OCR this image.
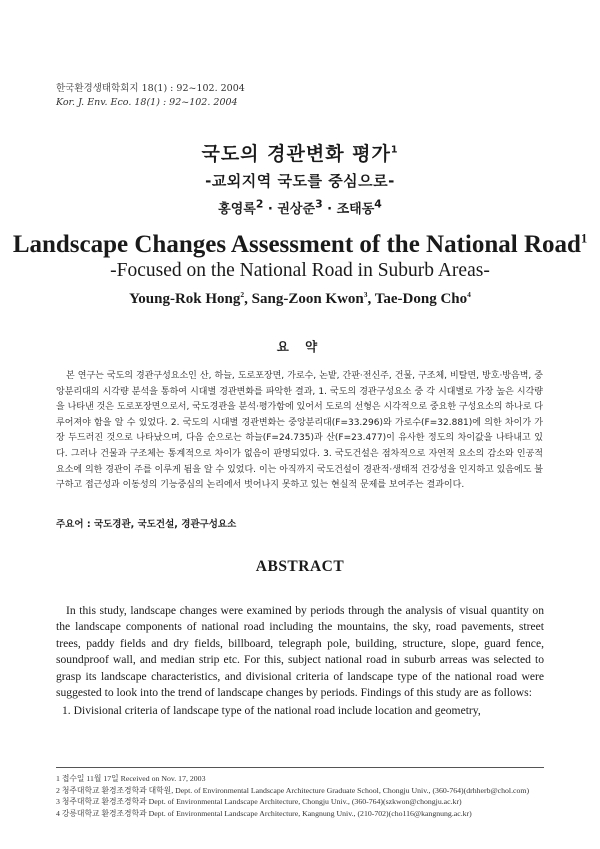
한국환경생태학회지 18(1) : 92~102. 2004
Kor. J. Env. Eco. 18(1) : 92~102. 2004
국도의 경관변화 평가$^1$
-교외지역 국도를 중심으로-
홍영록$^2$ · 권상준$^3$ · 조태동$^4$
Landscape Changes Assessment of the National Road$^1$
-Focused on the National Road in Suburb Areas-
Young-Rok Hong$^2$, Sang-Zoon Kwon$^3$, Tae-Dong Cho$^4$
요 약

본 연구는 국도의 경관구성요소인 산, 하늘, 도로포장면, 가로수, 논밭, 간판·전신주, 건물, 구조체, 비탈면, 방호·방음벽, 중앙분리대의 시각량 분석을 통하여 시대별 경관변화를 파악한 결과, 1. 국도의 경관구성요소 중 각 시대별로 가장 높은 시각량을 나타낸 것은 도로포장면으로서, 국도경관을 분석·평가함에 있어서 도로의 선형은 시각적으로 중요한 구성요소의 하나로 다루어져야 함을 알 수 있었다. 2. 국도의 시대별 경관변화는 중앙분리대(F=33.296)와 가로수(F=32.881)에 의한 차이가 가장 두드러진 것으로 나타났으며, 다음 순으로는 하늘(F=24.735)과 산(F=23.477)이 유사한 정도의 차이값을 나타내고 있다. 그러나 건물과 구조체는 통계적으로 차이가 없음이 판명되었다. 3. 국도건설은 점차적으로 자연적 요소의 감소와 인공적 요소에 의한 경관이 주를 이루게 됨을 알 수 있었다. 이는 아직까지 국도건설이 경관적·생태적 건강성을 인지하고 있음에도 불구하고 접근성과 이동성의 기능중심의 논리에서 벗어나지 못하고 있는 현실적 문제를 보여주는 결과이다.

주요어 : 국도경관, 국도건설, 경관구성요소
ABSTRACT

In this study, landscape changes were examined by periods through the analysis of visual quantity on the landscape components of national road including the mountains, the sky, road pavements, street trees, paddy fields and dry fields, billboard, telegraph pole, building, structure, slope, guard fence, soundproof wall, and median strip etc. For this, subject national road in suburb arreas was selected to grasp its landscape characteristics, and divisional criteria of landscape type of the national road were suggested to look into the trend of landscape changes by periods. Findings of this study are as follows:

1. Divisional criteria of landscape type of the national road include location and geometry,

1 접수일 11월 17일 Received on Nov. 17, 2003
2 청주대학교 환경조경학과 대학원, Dept. of Environmental Landscape Architecture Graduate School, Chongju Univ., (360-764)(drhherb@chol.com)
3 청주대학교 환경조경학과 Dept. of Environmental Landscape Architecture, Chongju Univ., (360-764)(szkwon@chongju.ac.kr)
4 강릉대학교 환경조경학과 Dept. of Environmental Landscape Architecture, Kangnung Univ., (210-702)(cho116@kangnung.ac.kr)
